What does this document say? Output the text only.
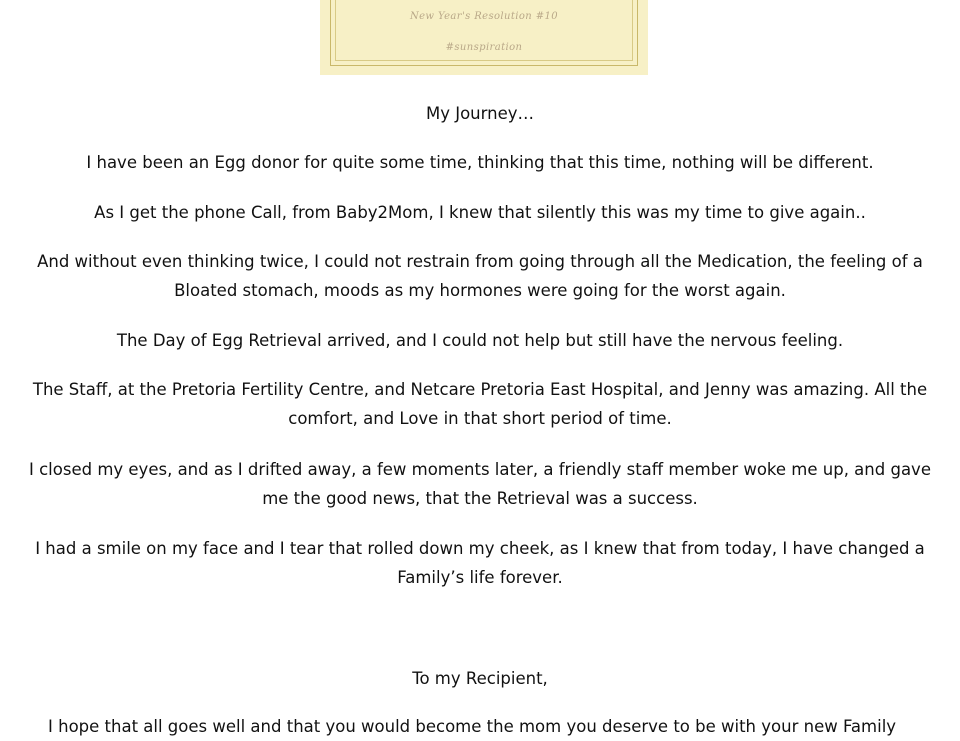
New Year's Resolution #10
#sunspiration

My Journey…

I have been an Egg donor for quite some time, thinking that this time, nothing will be different.

As I get the phone Call, from Baby2Mom, I knew that silently this was my time to give again..

And without even thinking twice, I could not restrain from going through all the Medication, the feeling of a Bloated stomach, moods as my hormones were going for the worst again.

The Day of Egg Retrieval arrived, and I could not help but still have the nervous feeling.

The Staff, at the Pretoria Fertility Centre, and Netcare Pretoria East Hospital, and Jenny was amazing. All the comfort, and Love in that short period of time.

I closed my eyes, and as I drifted away, a few moments later, a friendly staff member woke me up, and gave me the good news, that the Retrieval was a success.

I had a smile on my face and I tear that rolled down my cheek, as I knew that from today, I have changed a Family’s life forever.

To my Recipient,

I hope that all goes well and that you would become the mom you deserve to be with your new Family
